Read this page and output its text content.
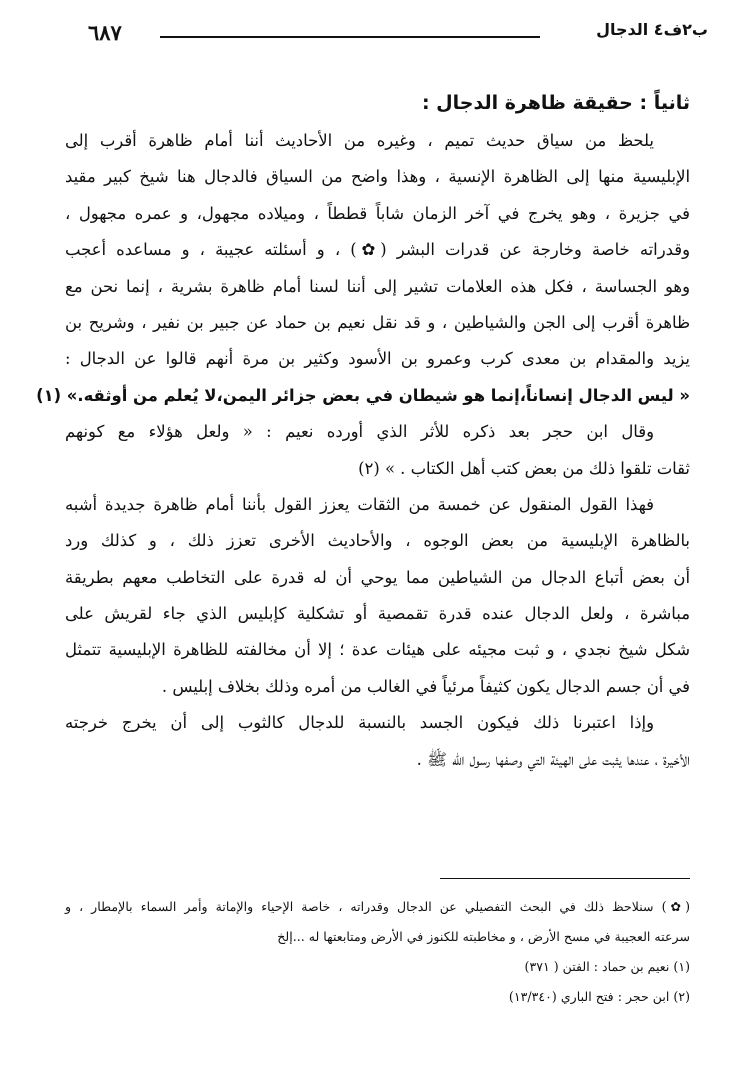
٦٨٧	ب٢ف٤ الدجال
ثانياً : حقيقة ظاهرة الدجال :
يلحظ من سياق حديث تميم ، وغيره من الأحاديث أننا أمام ظاهرة أقرب إلى
الإبليسية منها إلى الظاهرة الإنسية ، وهذا واضح من السياق فالدجال هنا شيخ كبير مقيد
في جزيرة ، وهو يخرج في آخر الزمان شاباً قططاً ، وميلاده مجهول، و عمره مجهول ،
وقدراته خاصة وخارجة عن قدرات البشر (✿) ، و أسئلته عجيبة ، و مساعده أعجب
وهو الجساسة ، فكل هذه العلامات تشير إلى أننا لسنا أمام ظاهرة بشرية ، إنما نحن مع
ظاهرة أقرب إلى الجن والشياطين ، و قد نقل نعيم بن حماد عن جبير بن نفير ، وشريح بن
يزيد والمقدام بن معدى كرب وعمرو بن الأسود وكثير بن مرة أنهم قالوا عن الدجال :
« ليس الدجال إنساناً،إنما هو شيطان في بعض جزائر اليمن،لا يُعلم من أوثقه.» (١)
وقال ابن حجر بعد ذكره للأثر الذي أورده نعيم : « ولعل هؤلاء مع كونهم
ثقات تلقوا ذلك من بعض كتب أهل الكتاب . » (٢)
فهذا القول المنقول عن خمسة من الثقات يعزز القول بأننا أمام ظاهرة جديدة أشبه
بالظاهرة الإبليسية من بعض الوجوه ، والأحاديث الأخرى تعزز ذلك ، و كذلك ورد
أن بعض أتباع الدجال من الشياطين مما يوحي أن له قدرة على التخاطب معهم بطريقة
مباشرة ، ولعل الدجال عنده قدرة تقمصية أو تشكلية كإبليس الذي جاء لقريش على
شكل شيخ نجدي ، و ثبت مجيئه على هيئات عدة ؛ إلا أن مخالفته للظاهرة الإبليسية تتمثل
في أن جسم الدجال يكون كثيفاً مرئياً في الغالب من أمره وذلك بخلاف إبليس .
وإذا اعتبرنا ذلك فيكون الجسد بالنسبة للدجال كالثوب إلى أن يخرج خرجته
الأخيرة ، عندها يثبت على الهيئة التي وصفها رسول الله ﷺ .
(✿) سنلاحظ ذلك في البحث التفصيلي عن الدجال وقدراته ، خاصة الإحياء والإماتة وأمر السماء بالإمطار ، و
سرعته العجيبة في مسح الأرض ، و مخاطبته للكنوز في الأرض ومتابعتها له ...إلخ
(١) نعيم بن حماد : الفتن ( ٣٧١)
(٢) ابن حجر : فتح الباري (١٣/٣٤٠)
